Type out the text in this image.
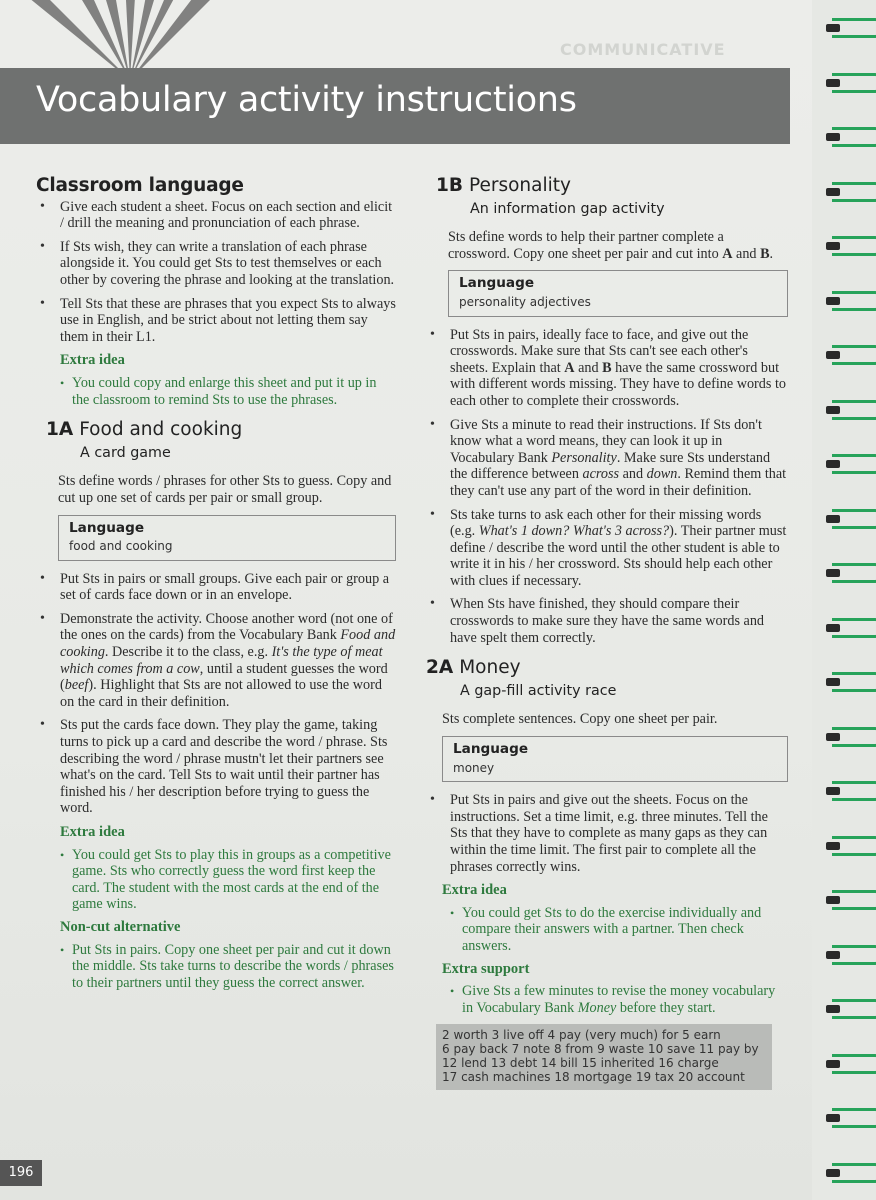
COMMUNICATIVE
Vocabulary activity instructions
Classroom language
• Give each student a sheet. Focus on each section and elicit / drill the meaning and pronunciation of each phrase.
• If Sts wish, they can write a translation of each phrase alongside it. You could get Sts to test themselves or each other by covering the phrase and looking at the translation.
• Tell Sts that these are phrases that you expect Sts to always use in English, and be strict about not letting them say them in their L1.
Extra idea
• You could copy and enlarge this sheet and put it up in the classroom to remind Sts to use the phrases.

1A Food and cooking

A card game

Sts define words / phrases for other Sts to guess. Copy and cut up one set of cards per pair or small group.

Language
food and cooking
• Put Sts in pairs or small groups. Give each pair or group a set of cards face down or in an envelope.
• Demonstrate the activity. Choose another word (not one of the ones on the cards) from the Vocabulary Bank Food and cooking. Describe it to the class, e.g. It's the type of meat which comes from a cow, until a student guesses the word (beef). Highlight that Sts are not allowed to use the word on the card in their definition.
• Sts put the cards face down. They play the game, taking turns to pick up a card and describe the word / phrase. Sts describing the word / phrase mustn't let their partners see what's on the card. Tell Sts to wait until their partner has finished his / her description before trying to guess the word.
Extra idea
• You could get Sts to play this in groups as a competitive game. Sts who correctly guess the word first keep the card. The student with the most cards at the end of the game wins.
Non-cut alternative
• Put Sts in pairs. Copy one sheet per pair and cut it down the middle. Sts take turns to describe the words / phrases to their partners until they guess the correct answer.

1B Personality

An information gap activity

Sts define words to help their partner complete a crossword. Copy one sheet per pair and cut into A and B.

Language
personality adjectives
• Put Sts in pairs, ideally face to face, and give out the crosswords. Make sure that Sts can't see each other's sheets. Explain that A and B have the same crossword but with different words missing. They have to define words to each other to complete their crosswords.
• Give Sts a minute to read their instructions. If Sts don't know what a word means, they can look it up in Vocabulary Bank Personality. Make sure Sts understand the difference between across and down. Remind them that they can't use any part of the word in their definition.
• Sts take turns to ask each other for their missing words (e.g. What's 1 down? What's 3 across?). Their partner must define / describe the word until the other student is able to write it in his / her crossword. Sts should help each other with clues if necessary.
• When Sts have finished, they should compare their crosswords to make sure they have the same words and have spelt them correctly.

2A Money

A gap-fill activity race

Sts complete sentences. Copy one sheet per pair.

Language
money
• Put Sts in pairs and give out the sheets. Focus on the instructions. Set a time limit, e.g. three minutes. Tell the Sts that they have to complete as many gaps as they can within the time limit. The first pair to complete all the phrases correctly wins.
Extra idea
• You could get Sts to do the exercise individually and compare their answers with a partner. Then check answers.
Extra support
• Give Sts a few minutes to revise the money vocabulary in Vocabulary Bank Money before they start.
2 worth 3 live off 4 pay (very much) for 5 earn
6 pay back 7 note 8 from 9 waste 10 save 11 pay by
12 lend 13 debt 14 bill 15 inherited 16 charge
17 cash machines 18 mortgage 19 tax 20 account
196
